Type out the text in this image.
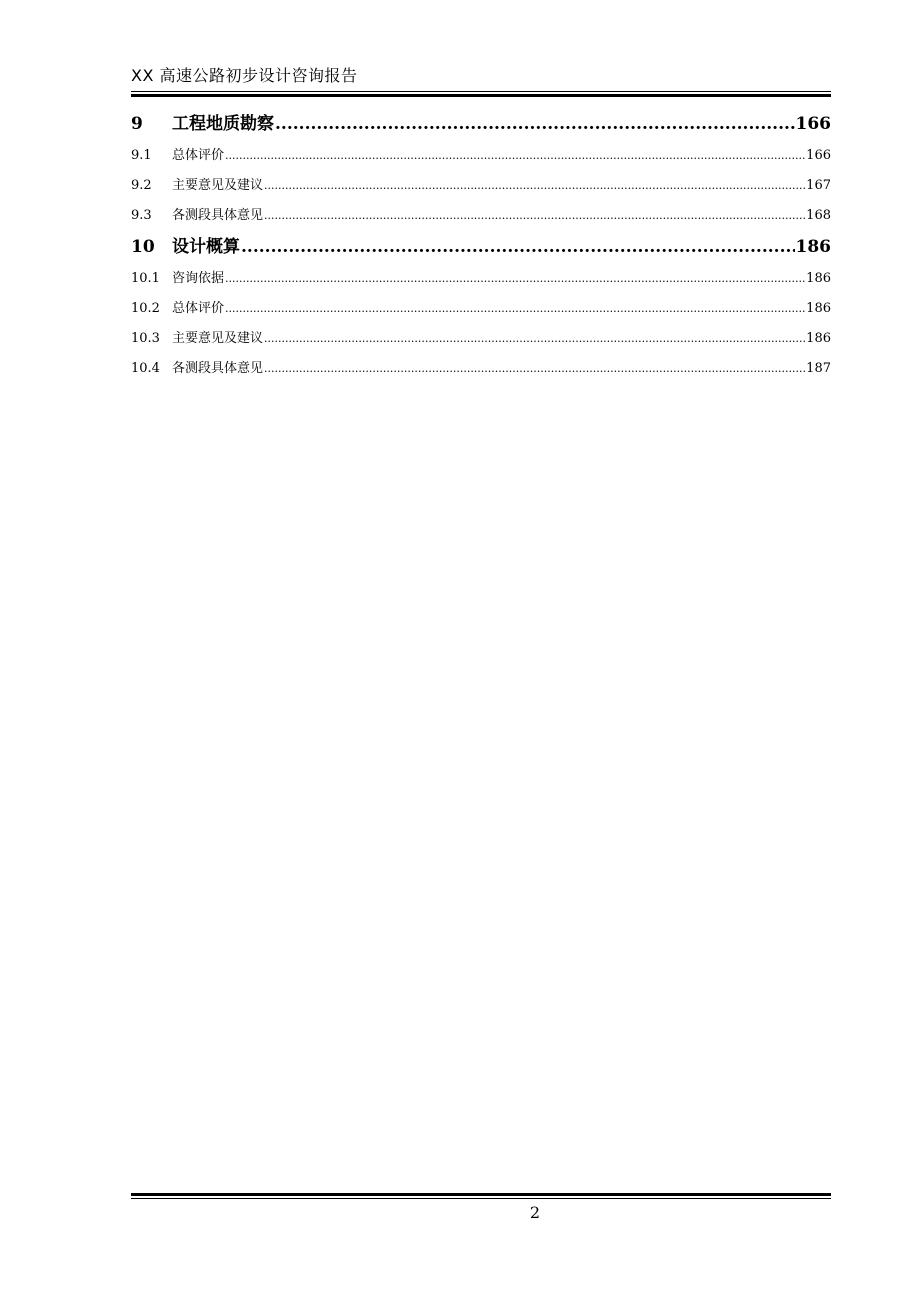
XX 高速公路初步设计咨询报告
9	工程地质勘察 .....	166
9.1	总体评价 .....	166
9.2	主要意见及建议 .....	167
9.3	各测段具体意见 .....	168
10	设计概算 .....	186
10.1 咨询依据 .....	186
10.2 总体评价 .....	186
10.3 主要意见及建议 .....	186
10.4 各测段具体意见 .....	187
2
